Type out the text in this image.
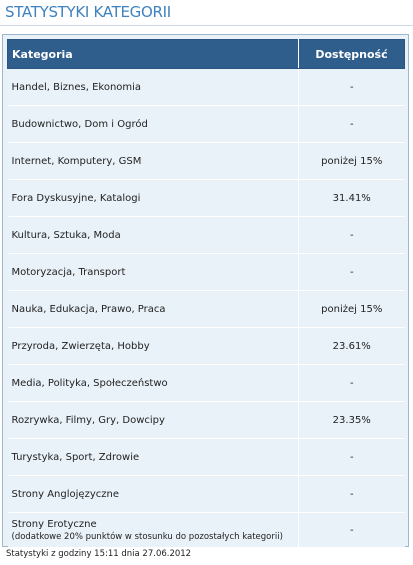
STATYSTYKI KATEGORII
Kategoria	Dostępność
Handel, Biznes, Ekonomia	-
Budownictwo, Dom i Ogród	-
Internet, Komputery, GSM	poniżej 15%
Fora Dyskusyjne, Katalogi	31.41%
Kultura, Sztuka, Moda	-
Motoryzacja, Transport	-
Nauka, Edukacja, Prawo, Praca	poniżej 15%
Przyroda, Zwierzęta, Hobby	23.61%
Media, Polityka, Społeczeństwo	-
Rozrywka, Filmy, Gry, Dowcipy	23.35%
Turystyka, Sport, Zdrowie	-
Strony Anglojęzyczne	-

Strony Erotyczne
(dodatkowe 20% punktów w stosunku do pozostałych kategorii)	-
Statystyki z godziny 15:11 dnia 27.06.2012
